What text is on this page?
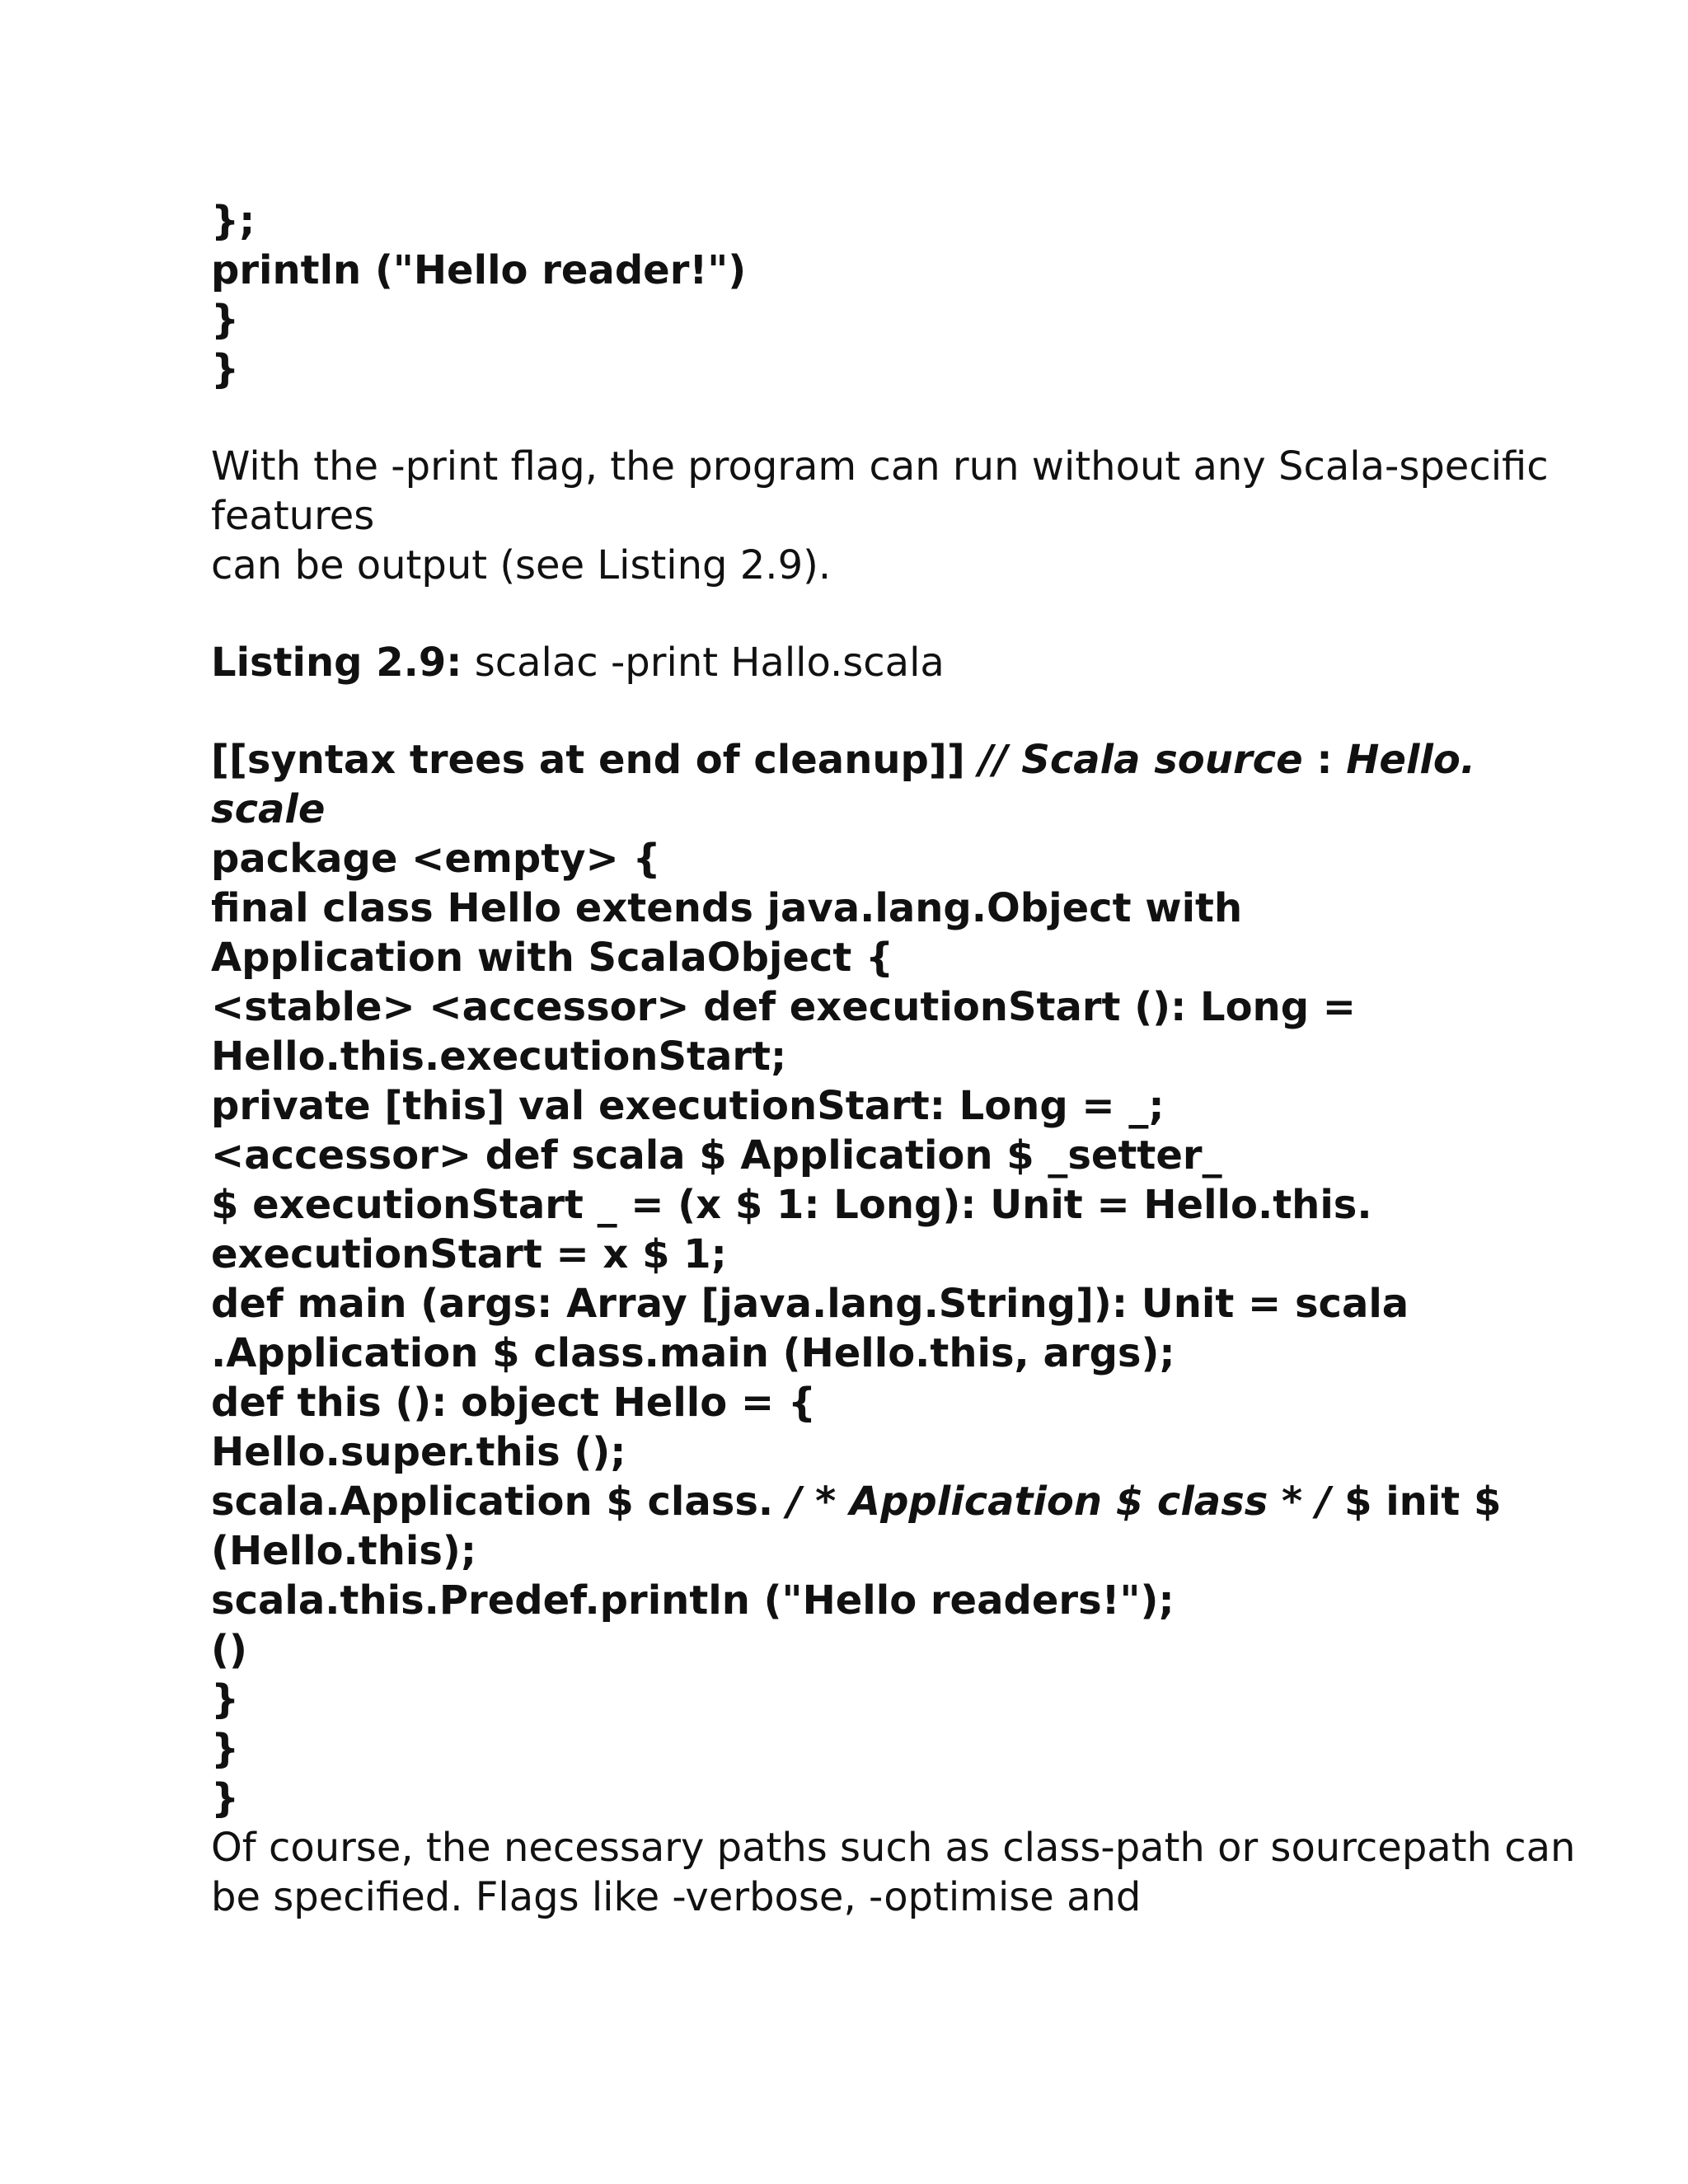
};

println ("Hello reader!")

}

}

With the -print flag, the program can run without any Scala-specific

features

can be output (see Listing 2.9).

Listing 2.9: scalac -print Hallo.scala

[[syntax trees at end of cleanup]] // Scala source : Hello.

scale

package <empty> {

final class Hello extends java.lang.Object with

Application with ScalaObject {

<stable> <accessor> def executionStart (): Long =

Hello.this.executionStart;

private [this] val executionStart: Long = _;

<accessor> def scala $ Application $ _setter_

$ executionStart _ = (x $ 1: Long): Unit = Hello.this.

executionStart = x $ 1;

def main (args: Array [java.lang.String]): Unit = scala

.Application $ class.main (Hello.this, args);

def this (): object Hello = {

Hello.super.this ();

scala.Application $ class. / * Application $ class * / $ init $

(Hello.this);

scala.this.Predef.println ("Hello readers!");

()

}

}

}

Of course, the necessary paths such as class-path or sourcepath can

be specified. Flags like -verbose, -optimise and
